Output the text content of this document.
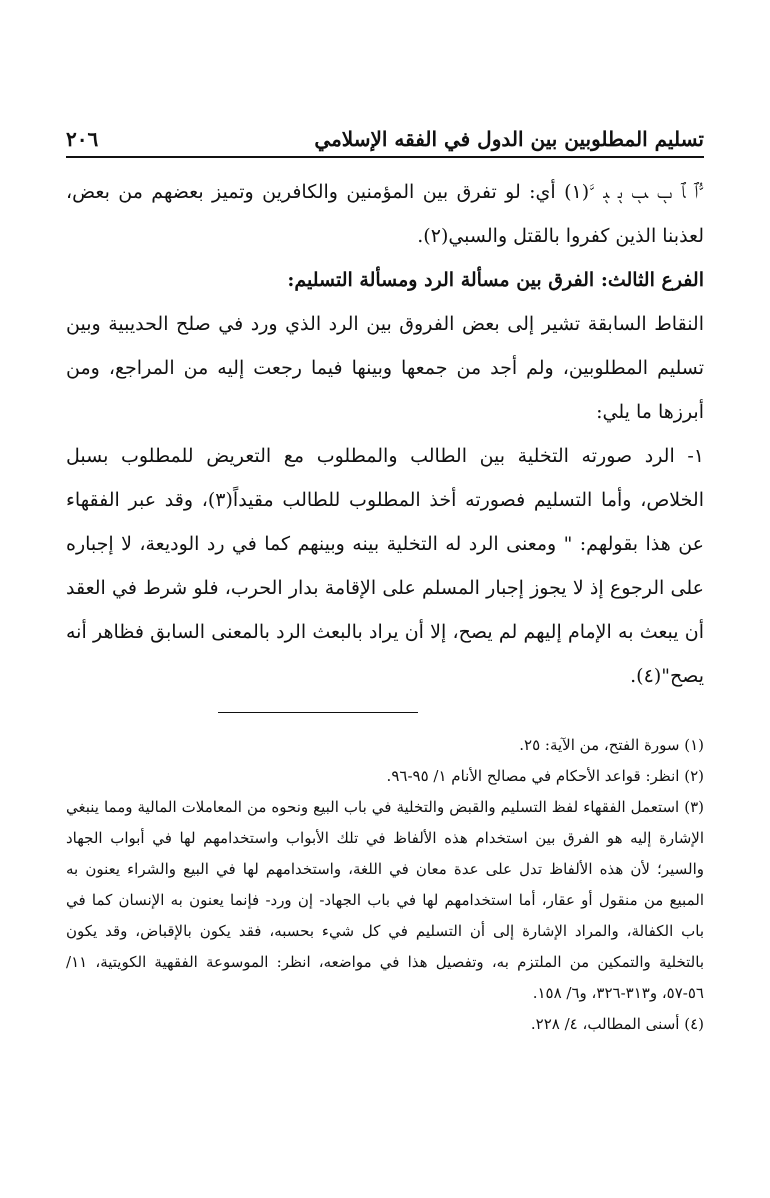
تسليم المطلوبين بين الدول في الفقه الإسلامي
٢٠٦

ﱡﭐ ﭑ ﭒ ﭓ ﭔ ﭕ ﱠ(١) أي: لو تفرق بين المؤمنين والكافرين وتميز بعضهم من بعض، لعذبنا الذين كفروا بالقتل والسبي(٢).

الفرع الثالث: الفرق بين مسألة الرد ومسألة التسليم:

النقاط السابقة تشير إلى بعض الفروق بين الرد الذي ورد في صلح الحديبية وبين تسليم المطلوبين، ولم أجد من جمعها وبينها فيما رجعت إليه من المراجع، ومن أبرزها ما يلي:

١- الرد صورته التخلية بين الطالب والمطلوب مع التعريض للمطلوب بسبل الخلاص، وأما التسليم فصورته أخذ المطلوب للطالب مقيداً(٣)، وقد عبر الفقهاء عن هذا بقولهم: " ومعنى الرد له التخلية بينه وبينهم كما في رد الوديعة، لا إجباره على الرجوع إذ لا يجوز إجبار المسلم على الإقامة بدار الحرب، فلو شرط في العقد أن يبعث به الإمام إليهم لم يصح، إلا أن يراد بالبعث الرد بالمعنى السابق فظاهر أنه يصح"(٤).

(١) سورة الفتح، من الآية: ٢٥.

(٢) انظر: قواعد الأحكام في مصالح الأنام ١/ ٩٥-٩٦.

(٣) استعمل الفقهاء لفظ التسليم والقبض والتخلية في باب البيع ونحوه من المعاملات المالية ومما ينبغي الإشارة إليه هو الفرق بين استخدام هذه الألفاظ في تلك الأبواب واستخدامهم لها في أبواب الجهاد والسير؛ لأن هذه الألفاظ تدل على عدة معان في اللغة، واستخدامهم لها في البيع والشراء يعنون به المبيع من منقول أو عقار، أما استخدامهم لها في باب الجهاد- إن ورد- فإنما يعنون به الإنسان كما في باب الكفالة، والمراد الإشارة إلى أن التسليم في كل شيء بحسبه، فقد يكون بالإقباض، وقد يكون بالتخلية والتمكين من الملتزم به، وتفصيل هذا في مواضعه، انظر: الموسوعة الفقهية الكويتية، ١١/ ٥٦-٥٧، و٣١٣-٣٢٦، و٦/ ١٥٨.

(٤) أسنى المطالب، ٤/ ٢٢٨.
